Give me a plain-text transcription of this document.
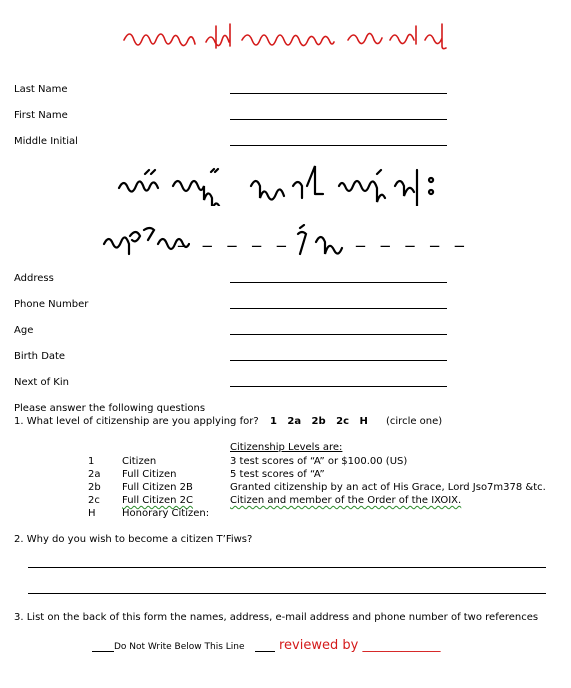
Last Name
First Name
Middle Initial
_ _ _ _ _	_ _ _ _ _
Address
Phone Number
Age
Birth Date
Next of Kin
Please answer the following questions
1. What level of citizenship are you applying for? 1   2a   2b   2c   H (circle one)
Citizenship Levels are:
1	Citizen	3 test scores of “A” or $100.00 (US)
2a Full Citizen	5 test scores of “A”
2b Full Citizen 2B	Granted citizenship by an act of His Grace, Lord Jso7m378 &tc.
2c Full Citizen 2C	Citizen and member of the Order of the IXOIX.
H	Honorary Citizen:
2. Why do you wish to become a citizen T’Fiws?
3. List on the back of this form the names, address, e-mail address and phone number of two references
Do Not Write Below This Line	reviewed by ____________
